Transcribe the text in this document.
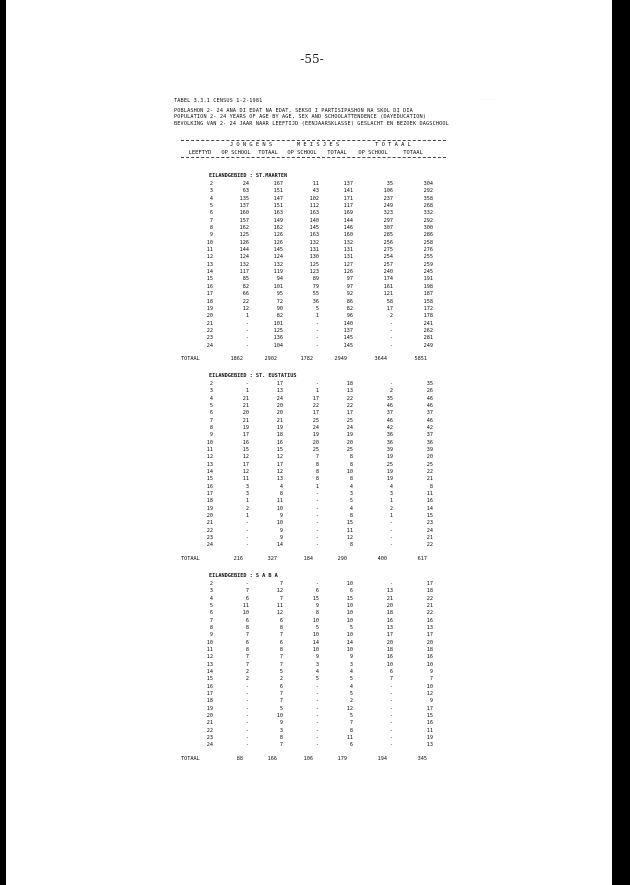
-55-
TABEL 3.3.1 CENSUS 1-2-1981
POBLASHON 2- 24 ANA DI EDAT NA EDAT, SEKSO I PARTISIPASHON NA SKOL DI DIA
POPULATION 2- 24 YEARS OF AGE BY AGE, SEX AND SCHOOLATTENDENCE (DAYEDUCATION)
BEVOLKING VAN 2- 24 JAAR NAAR LEEFTIJD (EENJAARSKLASSE) GESLACHT EN BEZOEK DAGSCHOOL
J O N G E N S	M E I S J E S	T O T A A L
LEEFTYD	OP SCHOOL	TOTAAL	OP SCHOOL	TOTAAL	OP SCHOOL	TOTAAL
EILANDGEBIED : ST.MAARTEN
2	24	167	11	137	35	304
3	63	151	43	141	106	292
4	135	147	102	171	237	358
5	137	151	112	117	249	268
6	160	163	163	169	323	332
7	157	149	140	144	297	292
8	162	162	145	146	307	300
9	125	126	163	160	285	286
10	126	126	132	132	256	258
11	144	145	131	131	275	276
12	124	124	130	131	254	255
13	132	132	125	127	257	259
14	117	119	123	126	240	245
15	85	94	89	97	174	191
16	82	101	79	97	161	198
17	66	95	55	92	121	187
18	22	72	36	86	58	158
19	12	90	5	82	17	172
20	1	82	1	96	2	178
21	-	101	-	140	-	241
22	-	125	-	137	-	262
23	-	136	-	145	-	281
24	-	104	-	145	-	249
TOTAAL	1862	2902	1782	2949	3644	5851
EILANDGEBIED : ST. EUSTATIUS
2	-	17	-	18	-	35
3	1	13	1	13	2	26
4	21	24	17	22	35	46
5	21	20	22	22	46	46
6	20	20	17	17	37	37
7	21	21	25	25	46	46
8	19	19	24	24	42	42
9	17	18	19	19	36	37
10	16	16	20	20	36	36
11	15	15	25	25	39	39
12	12	12	7	8	19	20
13	17	17	8	8	25	25
14	12	12	8	10	19	22
15	11	13	8	8	19	21
16	3	4	1	4	4	8
17	3	8	-	3	3	11
18	1	11	-	5	1	16
19	2	10	-	4	2	14
20	1	9	-	8	1	15
21	-	10	-	15	-	23
22	-	9	-	11	-	24
23	-	9	-	12	-	21
24	-	14	-	8	-	22
TOTAAL	216	327	184	290	400	617
EILANDGEBIED : S A B A
2	-	7	-	10	-	17
3	7	12	6	6	13	18
4	6	7	15	15	21	22
5	11	11	9	10	20	21
6	10	12	8	10	18	22
7	6	6	10	10	16	16
8	8	8	5	5	13	13
9	7	7	10	10	17	17
10	6	6	14	14	20	20
11	8	8	10	10	18	18
12	7	7	9	9	16	16
13	7	7	3	3	10	10
14	2	5	4	4	6	9
15	2	2	5	5	7	7
16	-	6	-	4	-	10
17	-	7	-	5	-	12
18	-	7	-	2	-	9
19	-	5	-	12	-	17
20	-	10	-	5	-	15
21	-	9	-	7	-	16
22	-	3	-	8	-	11
23	-	8	-	11	-	19
24	-	7	-	6	-	13
TOTAAL	88	166	106	179	194	345
........
